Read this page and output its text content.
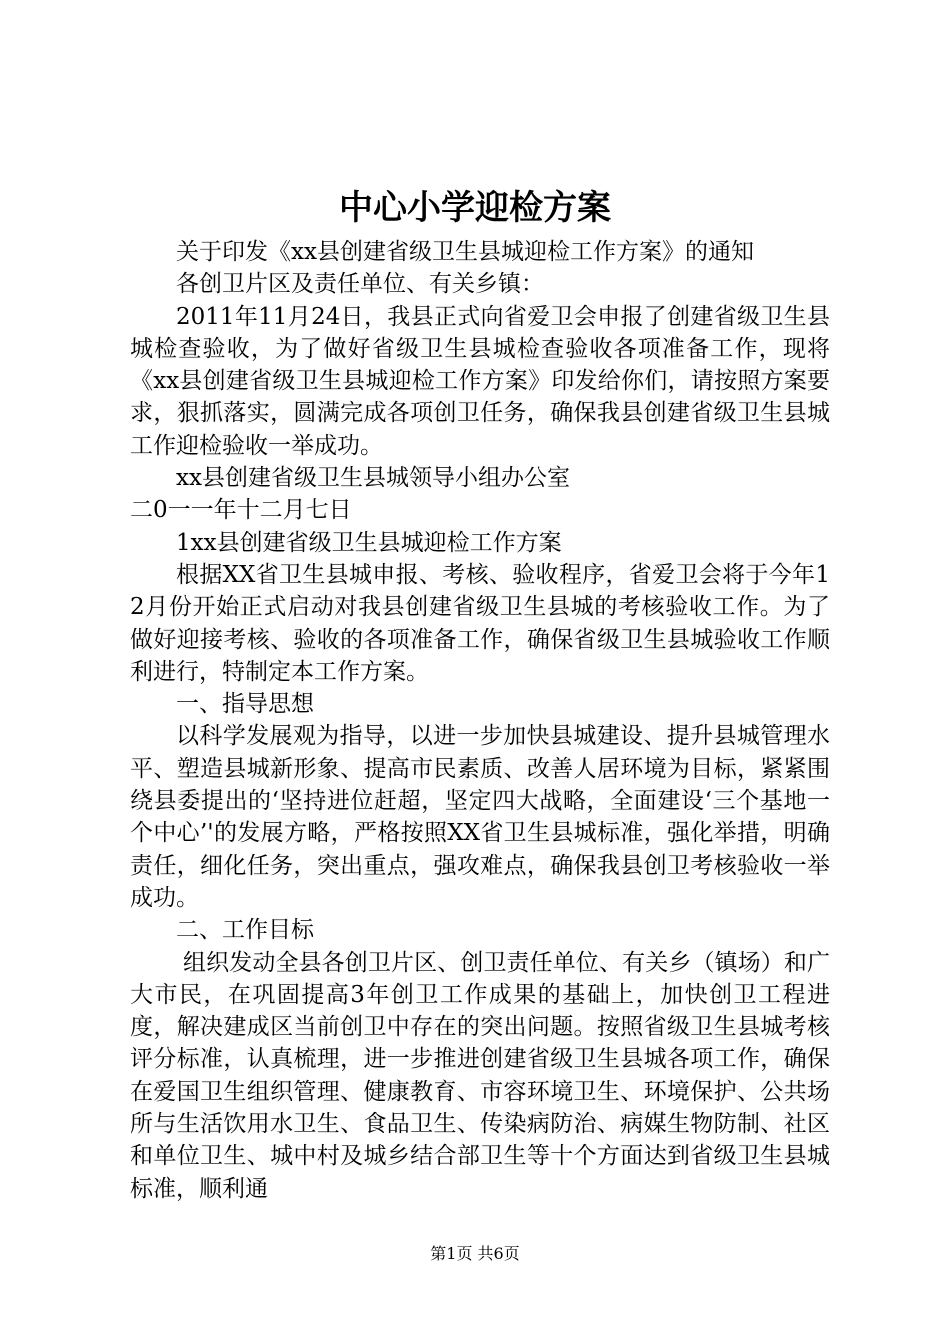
中心小学迎检方案

关于印发《xx县创建省级卫生县城迎检工作方案》的通知

各创卫片区及责任单位、有关乡镇：

2011年11月24日，我县正式向省爱卫会申报了创建省级卫生县城检查验收，为了做好省级卫生县城检查验收各项准备工作，现将《xx县创建省级卫生县城迎检工作方案》印发给你们，请按照方案要求，狠抓落实，圆满完成各项创卫任务，确保我县创建省级卫生县城工作迎检验收一举成功。

xx县创建省级卫生县城领导小组办公室

二0一一年十二月七日

1xx县创建省级卫生县城迎检工作方案

根据XX省卫生县城申报、考核、验收程序，省爱卫会将于今年12月份开始正式启动对我县创建省级卫生县城的考核验收工作。为了做好迎接考核、验收的各项准备工作，确保省级卫生县城验收工作顺利进行，特制定本工作方案。

一、指导思想

以科学发展观为指导，以进一步加快县城建设、提升县城管理水平、塑造县城新形象、提高市民素质、改善人居环境为目标，紧紧围绕县委提出的‘坚持进位赶超，坚定四大战略，全面建设‘三个基地一个中心’'的发展方略，严格按照XX省卫生县城标准，强化举措，明确责任，细化任务，突出重点，强攻难点，确保我县创卫考核验收一举成功。

二、工作目标

组织发动全县各创卫片区、创卫责任单位、有关乡（镇场）和广大市民，在巩固提高3年创卫工作成果的基础上，加快创卫工程进度，解决建成区当前创卫中存在的突出问题。按照省级卫生县城考核评分标准，认真梳理，进一步推进创建省级卫生县城各项工作，确保在爱国卫生组织管理、健康教育、市容环境卫生、环境保护、公共场所与生活饮用水卫生、食品卫生、传染病防治、病媒生物防制、社区和单位卫生、城中村及城乡结合部卫生等十个方面达到省级卫生县城标准，顺利通

第1页 共6页
